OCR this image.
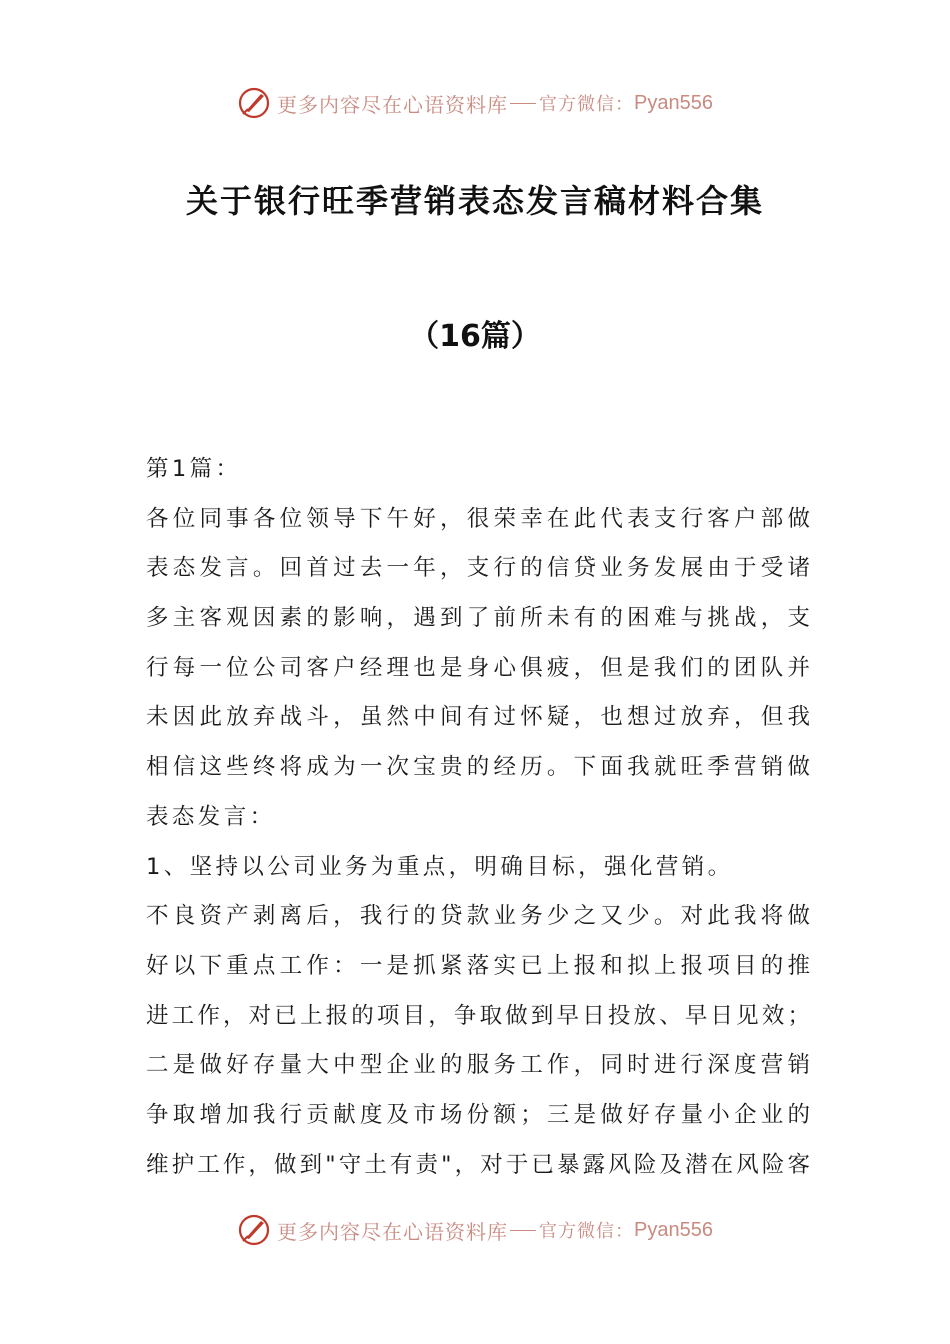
更多内容尽在心语资料库 官方微信： Pyan556
关于银行旺季营销表态发言稿材料合集
（16篇）
第1篇：
各位同事各位领导下午好，很荣幸在此代表支行客户部做
表态发言。回首过去一年，支行的信贷业务发展由于受诸
多主客观因素的影响，遇到了前所未有的困难与挑战，支
行每一位公司客户经理也是身心俱疲，但是我们的团队并
未因此放弃战斗，虽然中间有过怀疑，也想过放弃，但我
相信这些终将成为一次宝贵的经历。下面我就旺季营销做
表态发言：
1、坚持以公司业务为重点，明确目标，强化营销。
不良资产剥离后，我行的贷款业务少之又少。对此我将做
好以下重点工作：一是抓紧落实已上报和拟上报项目的推
进工作，对已上报的项目，争取做到早日投放、早日见效；
二是做好存量大中型企业的服务工作，同时进行深度营销
争取增加我行贡献度及市场份额；三是做好存量小企业的
维护工作，做到"守土有责"，对于已暴露风险及潜在风险客
更多内容尽在心语资料库 官方微信： Pyan556
